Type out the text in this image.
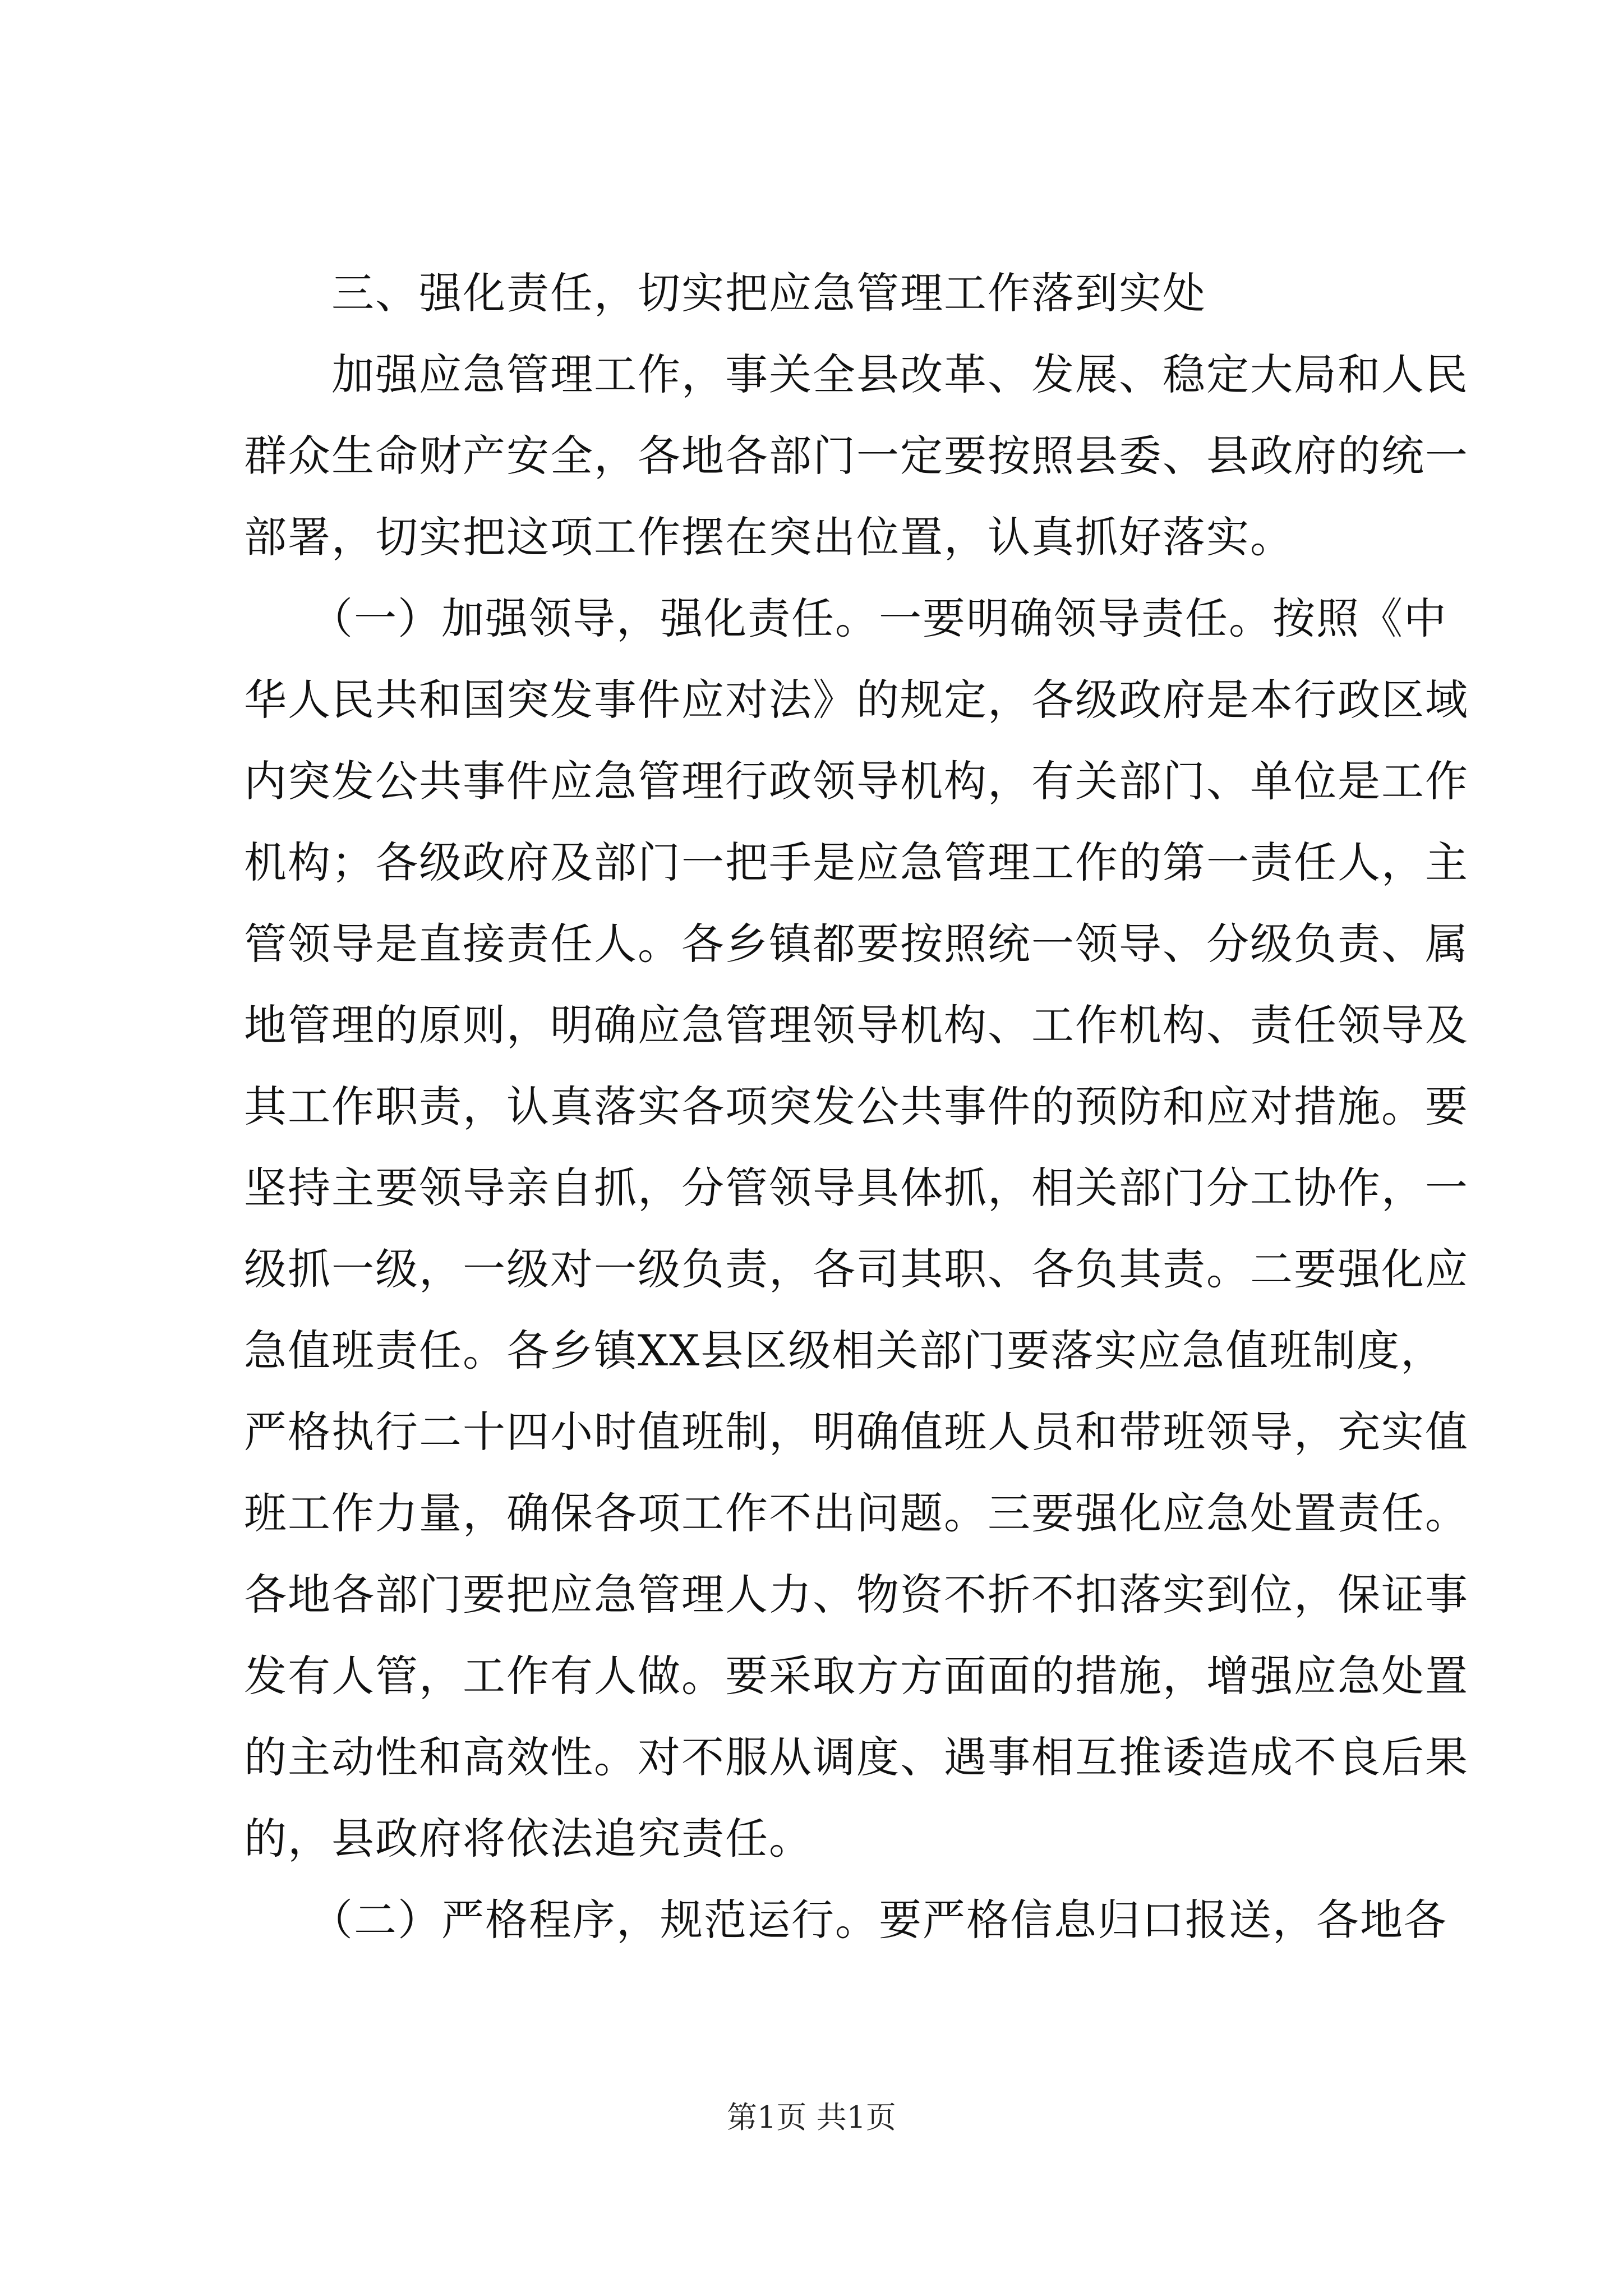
　　三、强化责任，切实把应急管理工作落到实处
　　加强应急管理工作，事关全县改革、发展、稳定大局和人民
群众生命财产安全，各地各部门一定要按照县委、县政府的统一
部署，切实把这项工作摆在突出位置，认真抓好落实。
　　（一）加强领导，强化责任。一要明确领导责任。按照《中
华人民共和国突发事件应对法》的规定，各级政府是本行政区域
内突发公共事件应急管理行政领导机构，有关部门、单位是工作
机构；各级政府及部门一把手是应急管理工作的第一责任人，主
管领导是直接责任人。各乡镇都要按照统一领导、分级负责、属
地管理的原则，明确应急管理领导机构、工作机构、责任领导及
其工作职责，认真落实各项突发公共事件的预防和应对措施。要
坚持主要领导亲自抓，分管领导具体抓，相关部门分工协作，一
级抓一级，一级对一级负责，各司其职、各负其责。二要强化应
急值班责任。各乡镇XX县区级相关部门要落实应急值班制度，
严格执行二十四小时值班制，明确值班人员和带班领导，充实值
班工作力量，确保各项工作不出问题。三要强化应急处置责任。
各地各部门要把应急管理人力、物资不折不扣落实到位，保证事
发有人管，工作有人做。要采取方方面面的措施，增强应急处置
的主动性和高效性。对不服从调度、遇事相互推诿造成不良后果
的，县政府将依法追究责任。
　　（二）严格程序，规范运行。要严格信息归口报送，各地各
第1页 共1页
